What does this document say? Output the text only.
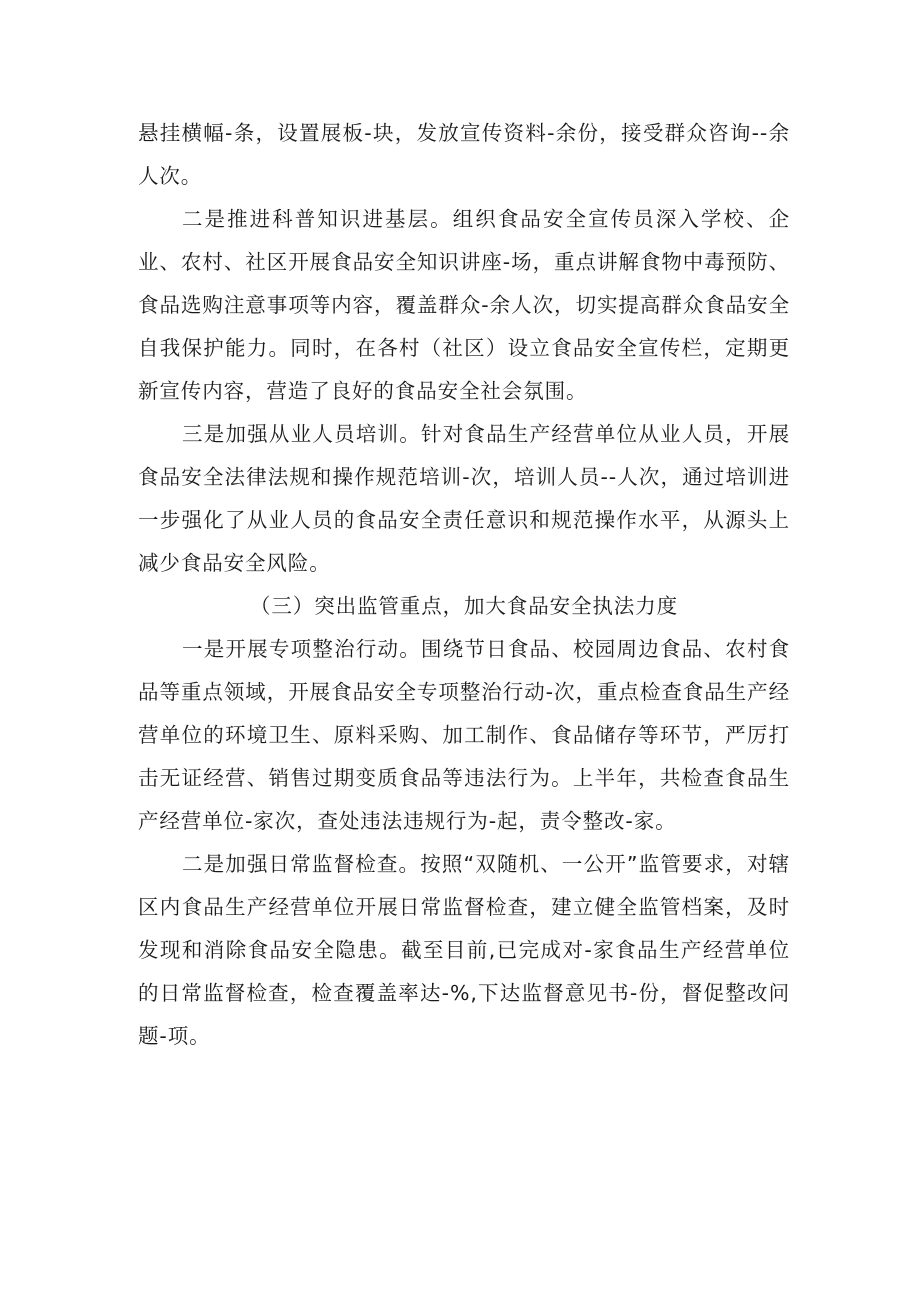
悬挂横幅-条，设置展板-块，发放宣传资料-余份，接受群众咨询--余人次。

二是推进科普知识进基层。组织食品安全宣传员深入学校、企业、农村、社区开展食品安全知识讲座-场，重点讲解食物中毒预防、食品选购注意事项等内容，覆盖群众-余人次，切实提高群众食品安全自我保护能力。同时，在各村（社区）设立食品安全宣传栏，定期更新宣传内容，营造了良好的食品安全社会氛围。

三是加强从业人员培训。针对食品生产经营单位从业人员，开展食品安全法律法规和操作规范培训-次，培训人员--人次，通过培训进一步强化了从业人员的食品安全责任意识和规范操作水平，从源头上减少食品安全风险。

（三）突出监管重点，加大食品安全执法力度

一是开展专项整治行动。围绕节日食品、校园周边食品、农村食品等重点领域，开展食品安全专项整治行动-次，重点检查食品生产经营单位的环境卫生、原料采购、加工制作、食品储存等环节，严厉打击无证经营、销售过期变质食品等违法行为。上半年，共检查食品生产经营单位-家次，查处违法违规行为-起，责令整改-家。

二是加强日常监督检查。按照“双随机、一公开”监管要求，对辖区内食品生产经营单位开展日常监督检查，建立健全监管档案，及时发现和消除食品安全隐患。截至目前,已完成对-家食品生产经营单位的日常监督检查，检查覆盖率达-%,下达监督意见书-份，督促整改问题-项。
